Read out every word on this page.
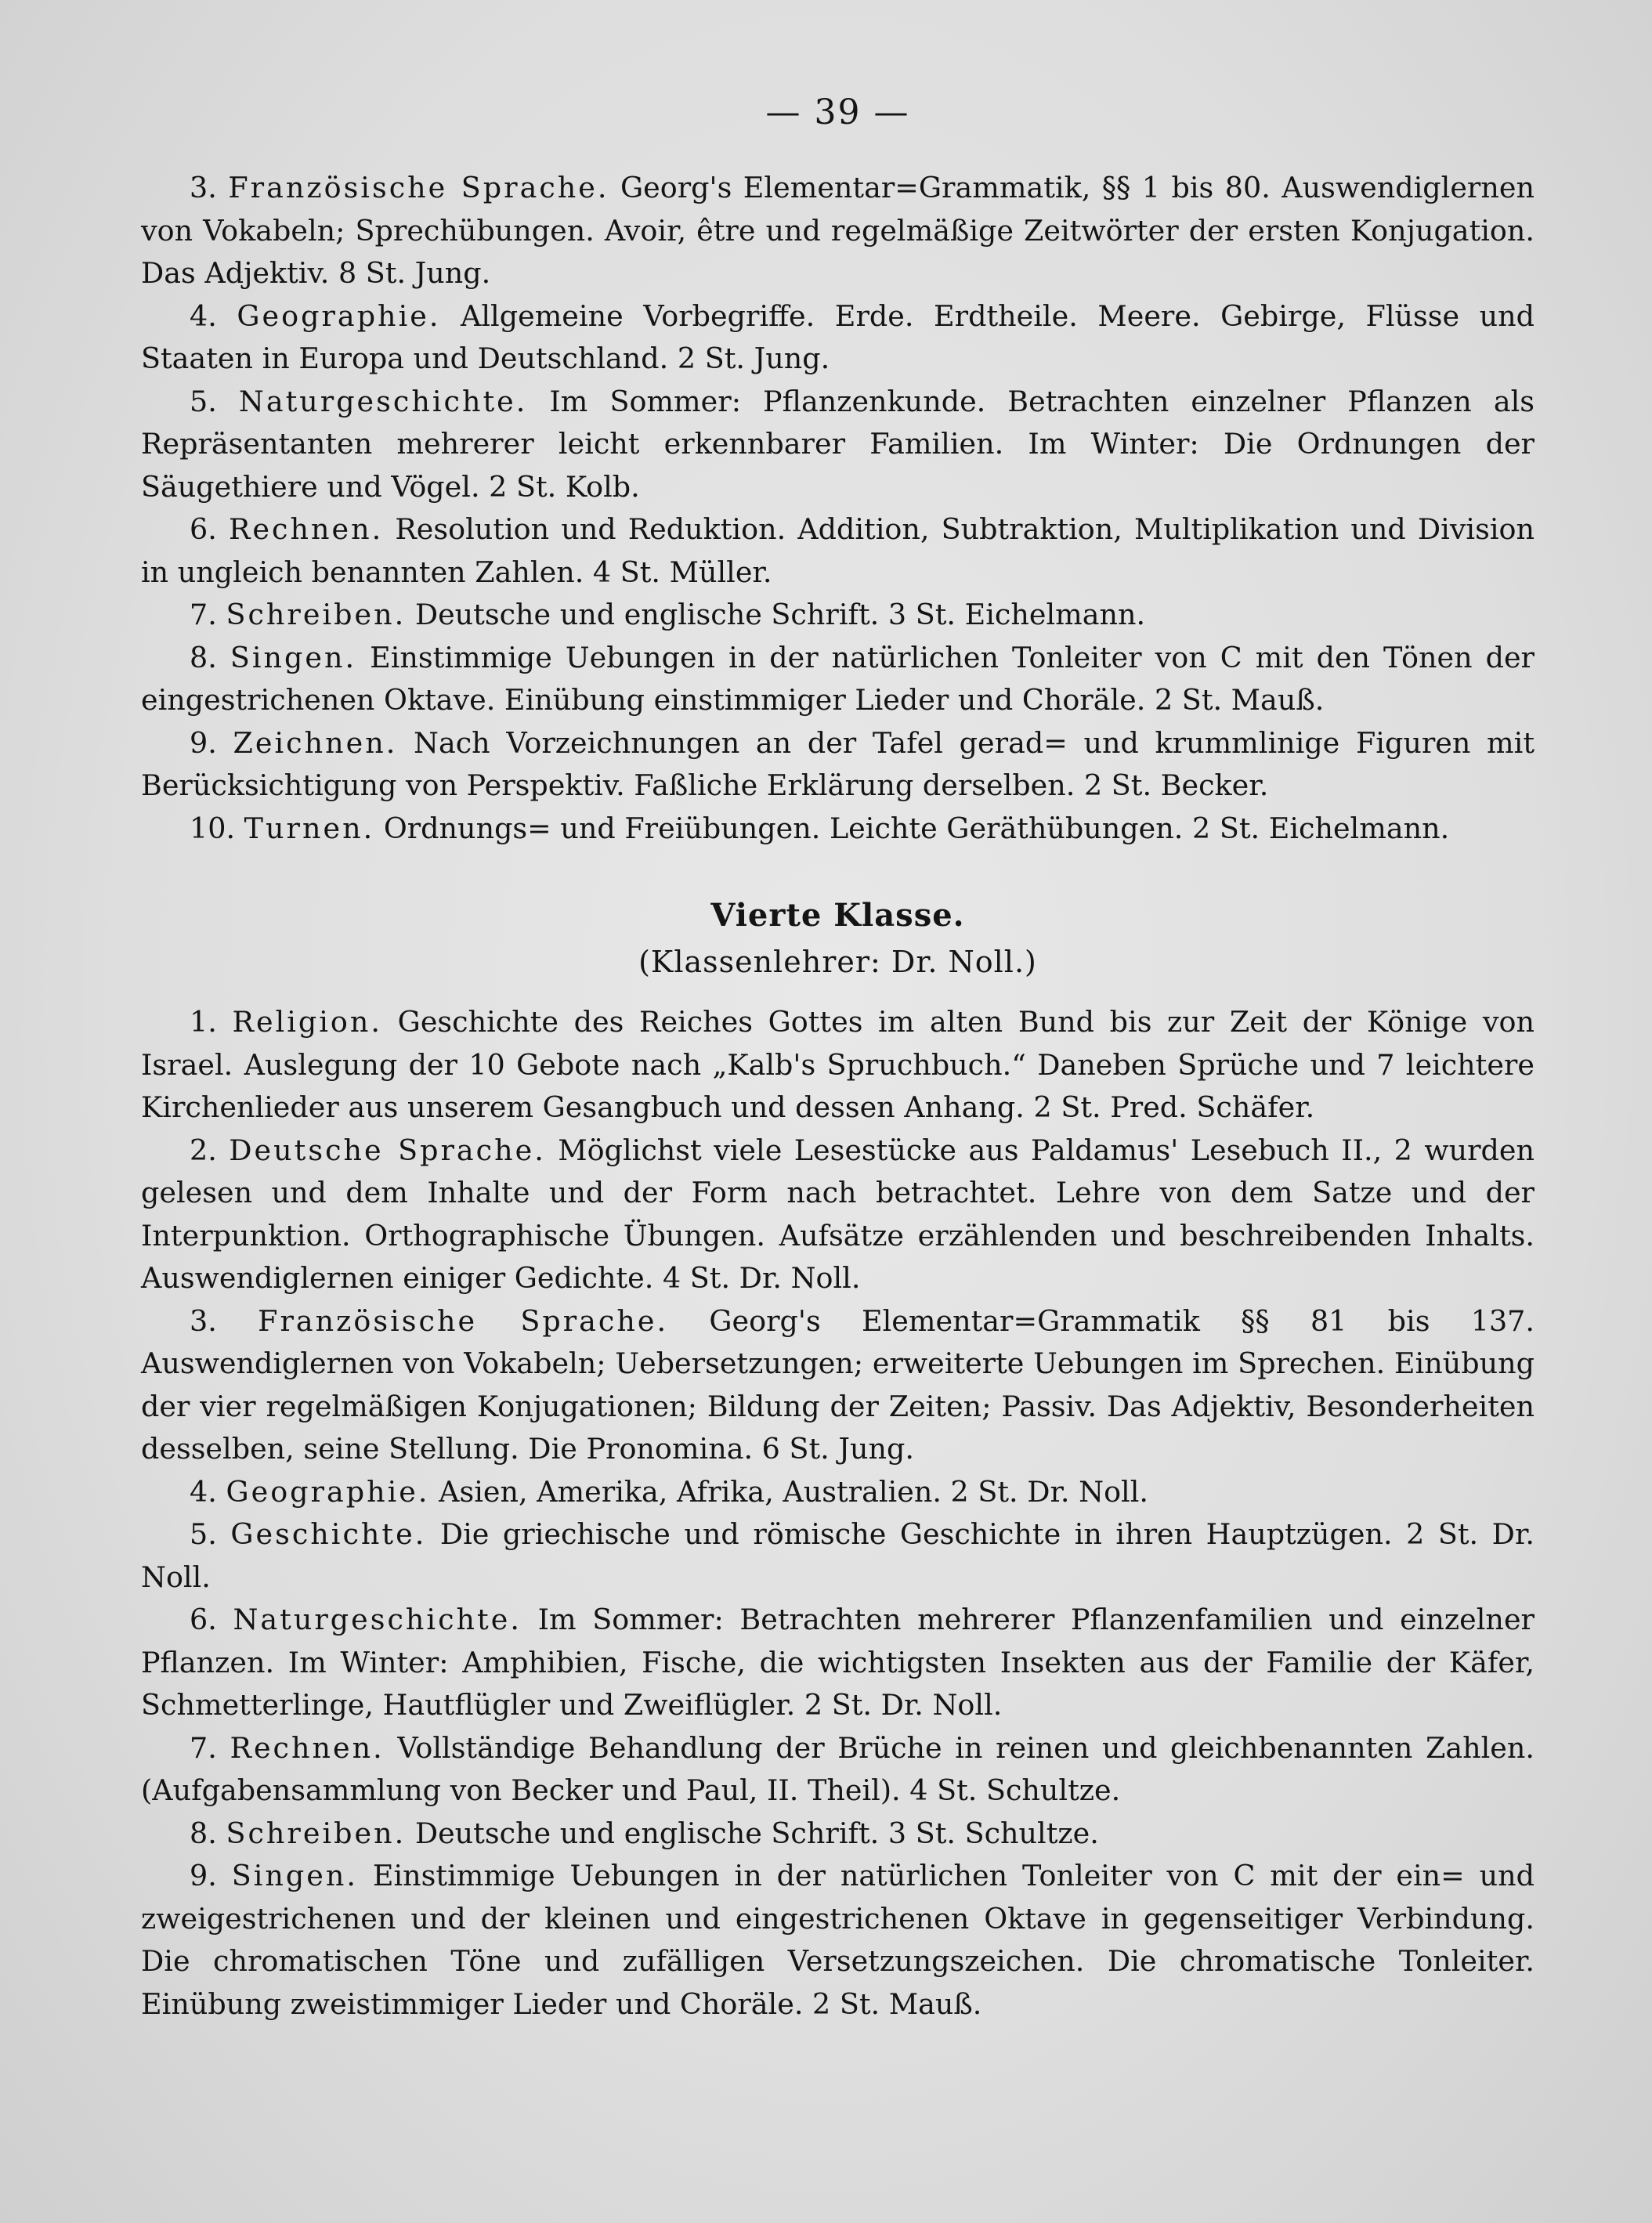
— 39 —

3. Französische Sprache. Georg's Elementar=Grammatik, §§ 1 bis 80. Auswendiglernen von Vokabeln; Sprechübungen. Avoir, être und regelmäßige Zeitwörter der ersten Konjugation. Das Adjektiv. 8 St. Jung.

4. Geographie. Allgemeine Vorbegriffe. Erde. Erdtheile. Meere. Gebirge, Flüsse und Staaten in Europa und Deutschland. 2 St. Jung.

5. Naturgeschichte. Im Sommer: Pflanzenkunde. Betrachten einzelner Pflanzen als Repräsentanten mehrerer leicht erkennbarer Familien. Im Winter: Die Ordnungen der Säugethiere und Vögel. 2 St. Kolb.

6. Rechnen. Resolution und Reduktion. Addition, Subtraktion, Multiplikation und Division in ungleich benannten Zahlen. 4 St. Müller.

7. Schreiben. Deutsche und englische Schrift. 3 St. Eichelmann.

8. Singen. Einstimmige Uebungen in der natürlichen Tonleiter von C mit den Tönen der eingestrichenen Oktave. Einübung einstimmiger Lieder und Choräle. 2 St. Mauß.

9. Zeichnen. Nach Vorzeichnungen an der Tafel gerad= und krummlinige Figuren mit Berücksichtigung von Perspektiv. Faßliche Erklärung derselben. 2 St. Becker.

10. Turnen. Ordnungs= und Freiübungen. Leichte Geräthübungen. 2 St. Eichelmann.

Vierte Klasse.
(Klassenlehrer: Dr. Noll.)

1. Religion. Geschichte des Reiches Gottes im alten Bund bis zur Zeit der Könige von Israel. Auslegung der 10 Gebote nach „Kalb's Spruchbuch.“ Daneben Sprüche und 7 leichtere Kirchenlieder aus unserem Gesangbuch und dessen Anhang. 2 St. Pred. Schäfer.

2. Deutsche Sprache. Möglichst viele Lesestücke aus Paldamus' Lesebuch II., 2 wurden gelesen und dem Inhalte und der Form nach betrachtet. Lehre von dem Satze und der Interpunktion. Orthographische Übungen. Aufsätze erzählenden und beschreibenden Inhalts. Auswendiglernen einiger Gedichte. 4 St. Dr. Noll.

3. Französische Sprache. Georg's Elementar=Grammatik §§ 81 bis 137. Auswendiglernen von Vokabeln; Uebersetzungen; erweiterte Uebungen im Sprechen. Einübung der vier regelmäßigen Konjugationen; Bildung der Zeiten; Passiv. Das Adjektiv, Besonderheiten desselben, seine Stellung. Die Pronomina. 6 St. Jung.

4. Geographie. Asien, Amerika, Afrika, Australien. 2 St. Dr. Noll.

5. Geschichte. Die griechische und römische Geschichte in ihren Hauptzügen. 2 St. Dr. Noll.

6. Naturgeschichte. Im Sommer: Betrachten mehrerer Pflanzenfamilien und einzelner Pflanzen. Im Winter: Amphibien, Fische, die wichtigsten Insekten aus der Familie der Käfer, Schmetterlinge, Hautflügler und Zweiflügler. 2 St. Dr. Noll.

7. Rechnen. Vollständige Behandlung der Brüche in reinen und gleichbenannten Zahlen. (Aufgabensammlung von Becker und Paul, II. Theil). 4 St. Schultze.

8. Schreiben. Deutsche und englische Schrift. 3 St. Schultze.

9. Singen. Einstimmige Uebungen in der natürlichen Tonleiter von C mit der ein= und zweigestrichenen und der kleinen und eingestrichenen Oktave in gegenseitiger Verbindung. Die chromatischen Töne und zufälligen Versetzungszeichen. Die chromatische Tonleiter. Einübung zweistimmiger Lieder und Choräle. 2 St. Mauß.
